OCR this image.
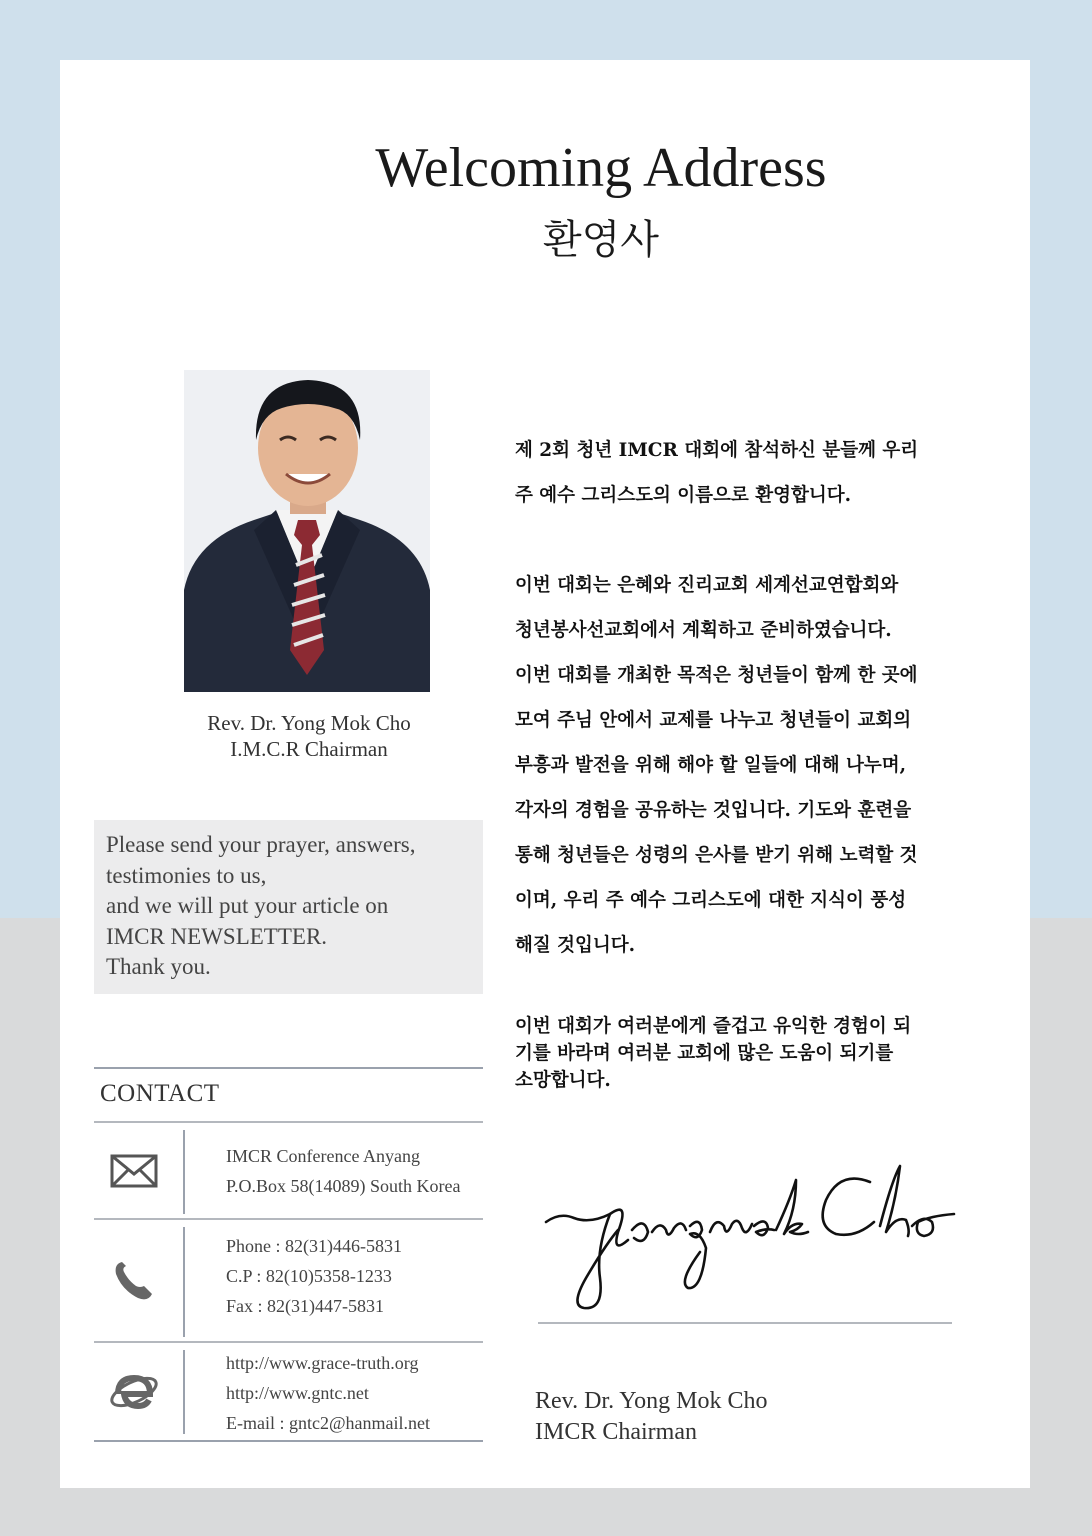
Welcoming Address
환영사
Rev. Dr. Yong Mok Cho
I.M.C.R Chairman
Please send your prayer, answers,
testimonies to us,
and we will put your article on
IMCR NEWSLETTER.
Thank you.
CONTACT
IMCR Conference Anyang
P.O.Box 58(14089) South Korea
Phone : 82(31)446-5831
C.P : 82(10)5358-1233
Fax : 82(31)447-5831
http://www.grace-truth.org
http://www.gntc.net
E-mail : gntc2@hanmail.net
제 2회 청년 IMCR 대회에 참석하신 분들께 우리
주 예수 그리스도의 이름으로 환영합니다.
이번 대회는 은혜와 진리교회 세계선교연합회와
청년봉사선교회에서 계획하고 준비하였습니다.
이번 대회를 개최한 목적은 청년들이 함께 한 곳에
모여 주님 안에서 교제를 나누고 청년들이 교회의
부흥과 발전을 위해 해야 할 일들에 대해 나누며,
각자의 경험을 공유하는 것입니다. 기도와 훈련을
통해 청년들은 성령의 은사를 받기 위해 노력할 것
이며, 우리 주 예수 그리스도에 대한 지식이 풍성
해질 것입니다.
이번 대회가 여러분에게 즐겁고 유익한 경험이 되
기를 바라며 여러분 교회에 많은 도움이 되기를
소망합니다.
Rev. Dr. Yong Mok Cho
IMCR Chairman
